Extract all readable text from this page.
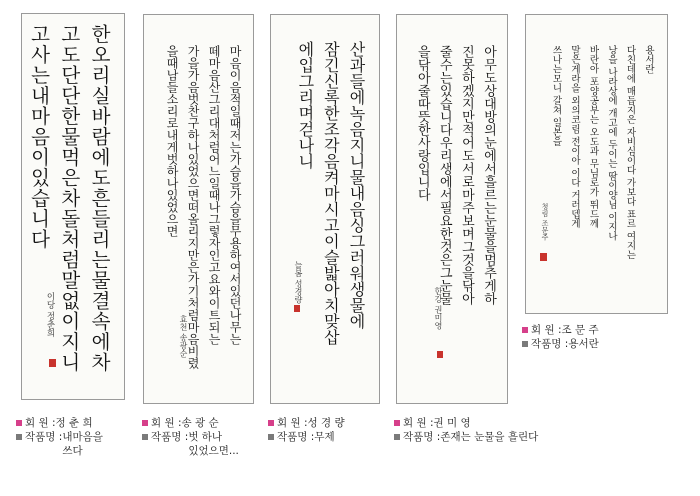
한오리실바람에도흔들리는물결속에차
고도단단한물먹은차돌처럼말없이지니
고사는내마음이있습니다
이당 정춘희	마음이음적일때저는가슴을가슴을무용하여서있던나무는
떼마음산그리대처럼어느일때나그렇자인고요와이트되는
가을가음벗찬구하나있었으면떠올리지만은가기처럼마음비렸
을때남들소리로내게벗하나있었으면
효천 송광순
산과들에녹음지니물내음싱그러워생물에
잠긴신록한조각음켜마시고이슬밟아치맞삽
에입그리며걷나니
늘봄 성경량	아무도상대방의눈에서흘르는눈물을멈추게하
진못하겠지만적어도서로마주보며그것을닦아
줄수는있습니다우리생에서필요한것은그눈물
을닦아줄따뜻한사랑입니다
한강 권미영
용서란
다친데에 매듭지은 자비심이다 가보다 표르 여지는
낭을 나라상에 개고에 두이는 땀이양님 이지나
바란아 포양공부는 오도과 무님로가 뛰드께
말은게라을 외의코림 전이아 이다 거러뎁게
쓰나는모니 갈쳐 일본을
청림 조문주
회 원 : 조 문 주
작품명 : 용서란
회 원 : 정 춘 희
작품명 : 내마음을
쓰다
회 원 : 송 광 순
작품명 : 벗 하나
있었으면...
회 원 : 성 경 량
작품명 : 무제
회 원 : 권 미 영
작품명 : 존재는 눈물을 흘린다
